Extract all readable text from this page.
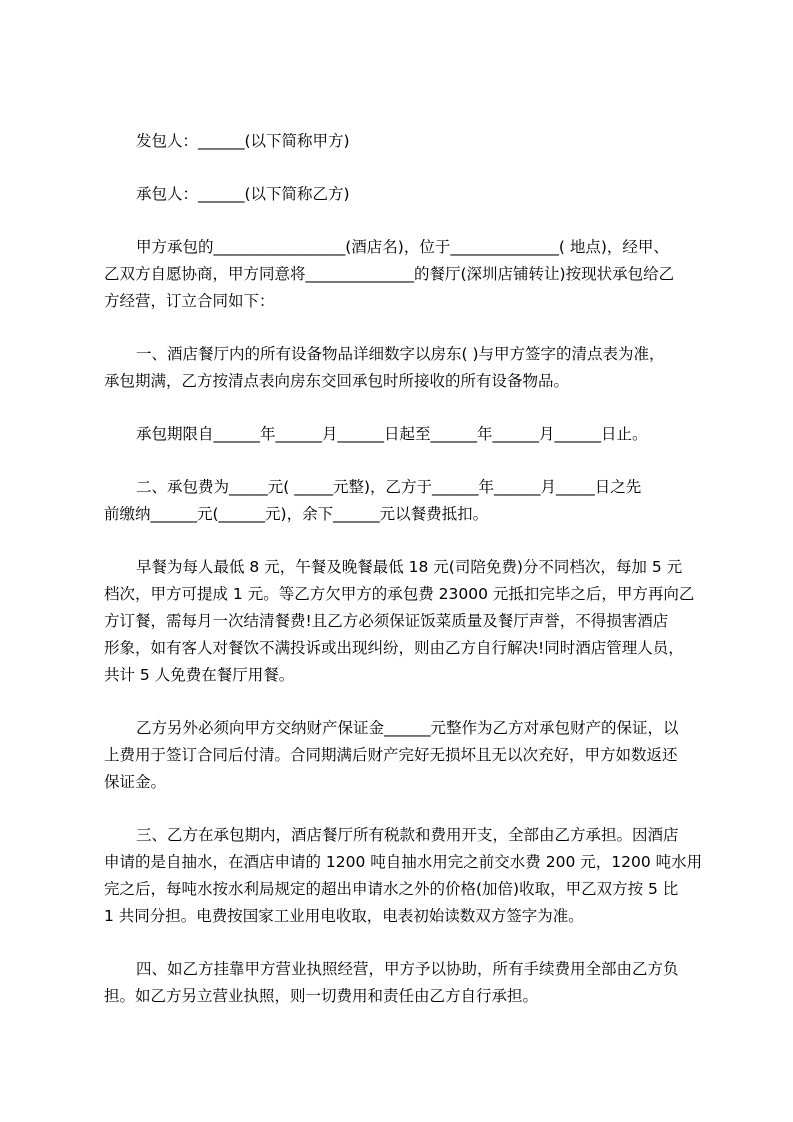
发包人：______(以下简称甲方)
承包人：______(以下简称乙方)
甲方承包的_________________(酒店名)，位于______________( 地点)，经甲、
乙双方自愿协商，甲方同意将______________的餐厅(深圳店铺转让)按现状承包给乙
方经营，订立合同如下：
一、酒店餐厅内的所有设备物品详细数字以房东( )与甲方签字的清点表为准，
承包期满，乙方按清点表向房东交回承包时所接收的所有设备物品。
承包期限自______年______月______日起至______年______月______日止。
二、承包费为_____元( _____元整)，乙方于______年______月_____日之先
前缴纳______元(______元)，余下______元以餐费抵扣。
早餐为每人最低 8 元，午餐及晚餐最低 18 元(司陪免费)分不同档次，每加 5 元
档次，甲方可提成 1 元。等乙方欠甲方的承包费 23000 元抵扣完毕之后，甲方再向乙
方订餐，需每月一次结清餐费!且乙方必须保证饭菜质量及餐厅声誉，不得损害酒店
形象，如有客人对餐饮不满投诉或出现纠纷，则由乙方自行解决!同时酒店管理人员，
共计 5 人免费在餐厅用餐。
乙方另外必须向甲方交纳财产保证金______元整作为乙方对承包财产的保证，以
上费用于签订合同后付清。合同期满后财产完好无损坏且无以次充好，甲方如数返还
保证金。
三、乙方在承包期内，酒店餐厅所有税款和费用开支，全部由乙方承担。因酒店
申请的是自抽水，在酒店申请的 1200 吨自抽水用完之前交水费 200 元，1200 吨水用
完之后，每吨水按水利局规定的超出申请水之外的价格(加倍)收取，甲乙双方按 5 比
1 共同分担。电费按国家工业用电收取，电表初始读数双方签字为准。
四、如乙方挂靠甲方营业执照经营，甲方予以协助，所有手续费用全部由乙方负
担。如乙方另立营业执照，则一切费用和责任由乙方自行承担。
